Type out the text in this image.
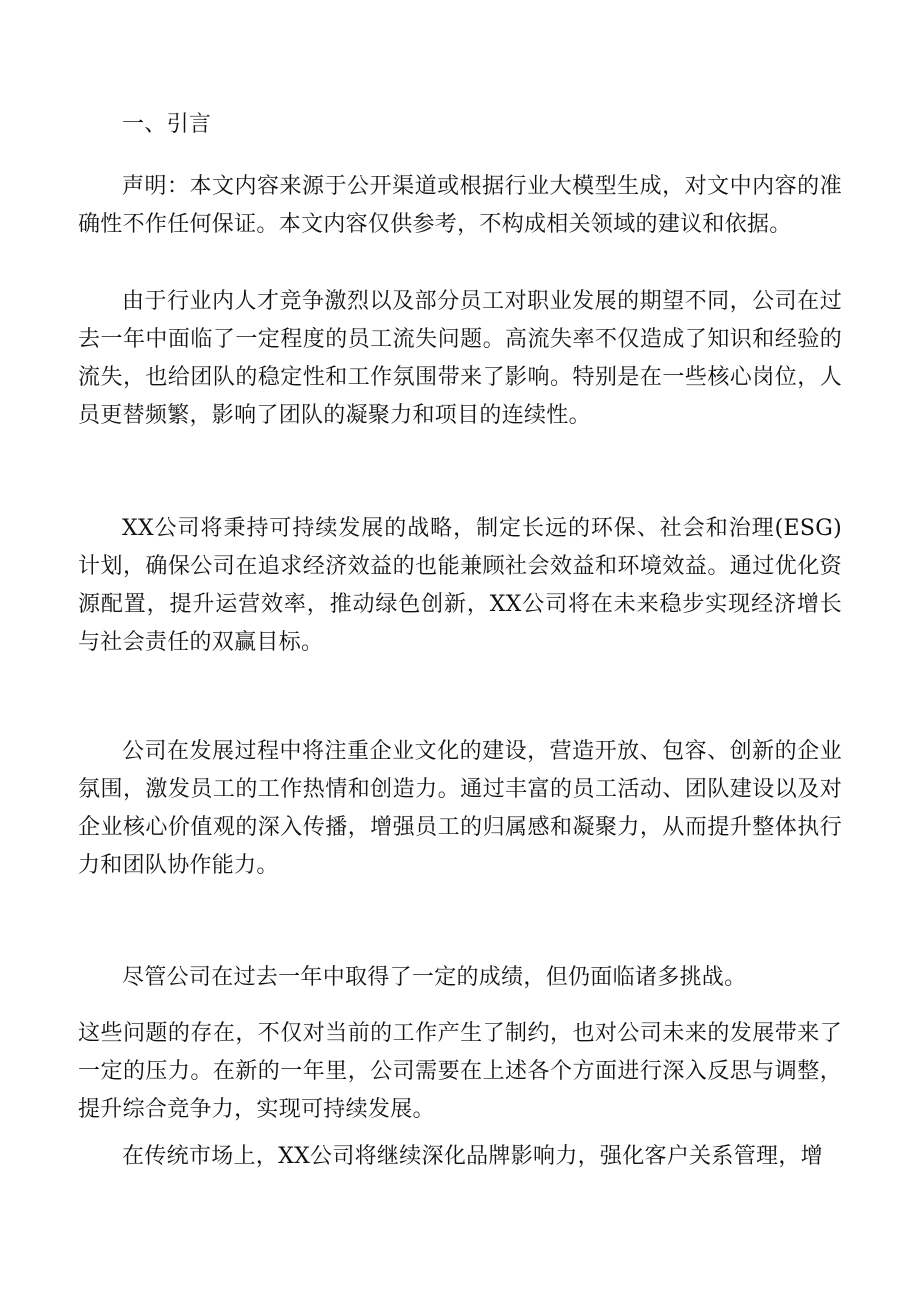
一、引言

声明：本文内容来源于公开渠道或根据行业大模型生成，对文中内容的准确性不作任何保证。本文内容仅供参考，不构成相关领域的建议和依据。

由于行业内人才竞争激烈以及部分员工对职业发展的期望不同，公司在过去一年中面临了一定程度的员工流失问题。高流失率不仅造成了知识和经验的流失，也给团队的稳定性和工作氛围带来了影响。特别是在一些核心岗位，人员更替频繁，影响了团队的凝聚力和项目的连续性。

XX公司将秉持可持续发展的战略，制定长远的环保、社会和治理(ESG)计划，确保公司在追求经济效益的也能兼顾社会效益和环境效益。通过优化资源配置，提升运营效率，推动绿色创新，XX公司将在未来稳步实现经济增长与社会责任的双赢目标。

公司在发展过程中将注重企业文化的建设，营造开放、包容、创新的企业氛围，激发员工的工作热情和创造力。通过丰富的员工活动、团队建设以及对企业核心价值观的深入传播，增强员工的归属感和凝聚力，从而提升整体执行力和团队协作能力。

尽管公司在过去一年中取得了一定的成绩，但仍面临诸多挑战。

这些问题的存在，不仅对当前的工作产生了制约，也对公司未来的发展带来了一定的压力。在新的一年里，公司需要在上述各个方面进行深入反思与调整，提升综合竞争力，实现可持续发展。

在传统市场上，XX公司将继续深化品牌影响力，强化客户关系管理，增
